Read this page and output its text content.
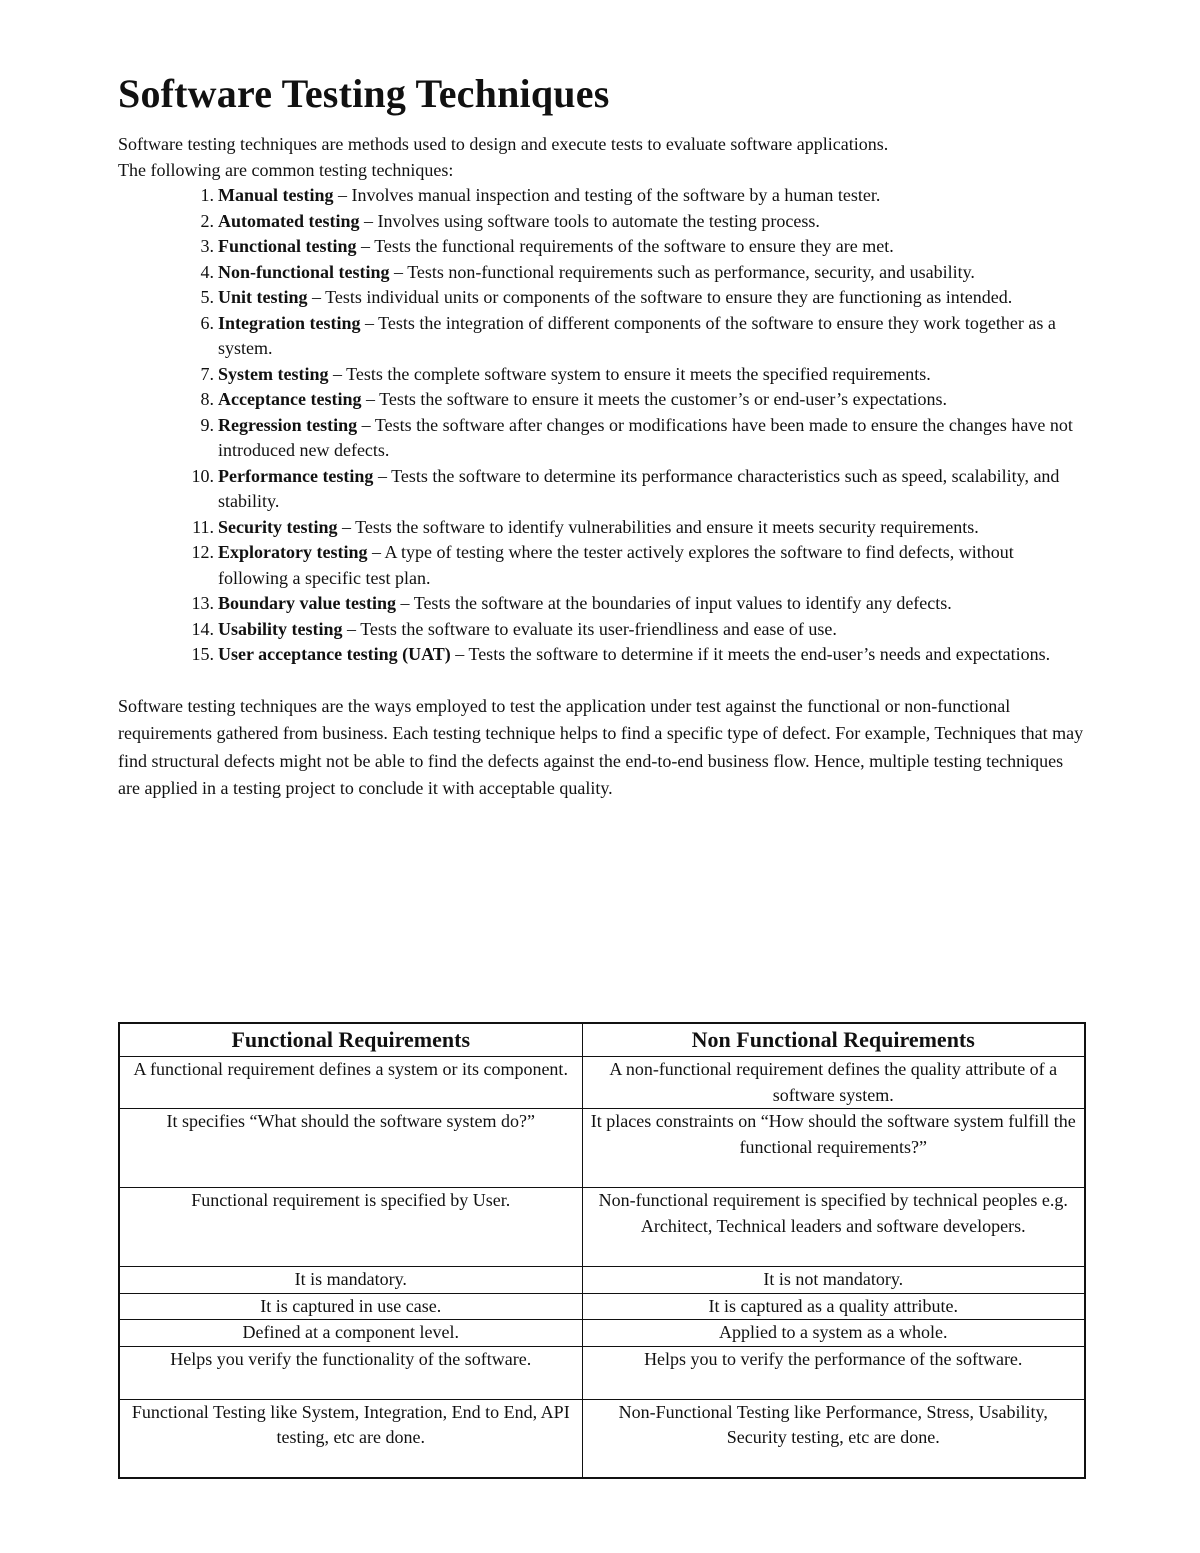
Software Testing Techniques

Software testing techniques are methods used to design and execute tests to evaluate software applications.
The following are common testing techniques:

1. Manual testing – Involves manual inspection and testing of the software by a human tester.
2. Automated testing – Involves using software tools to automate the testing process.
3. Functional testing – Tests the functional requirements of the software to ensure they are met.
4. Non-functional testing – Tests non-functional requirements such as performance, security, and usability.
5. Unit testing – Tests individual units or components of the software to ensure they are functioning as intended.
6. Integration testing – Tests the integration of different components of the software to ensure they work together as a system.
7. System testing – Tests the complete software system to ensure it meets the specified requirements.
8. Acceptance testing – Tests the software to ensure it meets the customer’s or end-user’s expectations.
9. Regression testing – Tests the software after changes or modifications have been made to ensure the changes have not introduced new defects.
10. Performance testing – Tests the software to determine its performance characteristics such as speed, scalability, and stability.
11. Security testing – Tests the software to identify vulnerabilities and ensure it meets security requirements.
12. Exploratory testing – A type of testing where the tester actively explores the software to find defects, without following a specific test plan.
13. Boundary value testing – Tests the software at the boundaries of input values to identify any defects.
14. Usability testing – Tests the software to evaluate its user-friendliness and ease of use.
15. User acceptance testing (UAT) – Tests the software to determine if it meets the end-user’s needs and expectations.

Software testing techniques are the ways employed to test the application under test against the functional or non-functional requirements gathered from business. Each testing technique helps to find a specific type of defect. For example, Techniques that may find structural defects might not be able to find the defects against the end-to-end business flow. Hence, multiple testing techniques are applied in a testing project to conclude it with acceptable quality.

Functional Requirements	Non Functional Requirements
A functional requirement defines a system or its component.	A non-functional requirement defines the quality attribute of a software system.
It specifies “What should the software system do?”	It places constraints on “How should the software system fulfill the functional requirements?”
Functional requirement is specified by User.	Non-functional requirement is specified by technical peoples e.g. Architect, Technical leaders and software developers.
It is mandatory.	It is not mandatory.
It is captured in use case.	It is captured as a quality attribute.
Defined at a component level.	Applied to a system as a whole.
Helps you verify the functionality of the software.	Helps you to verify the performance of the software.
Functional Testing like System, Integration, End to End, API testing, etc are done.	Non-Functional Testing like Performance, Stress, Usability, Security testing, etc are done.
